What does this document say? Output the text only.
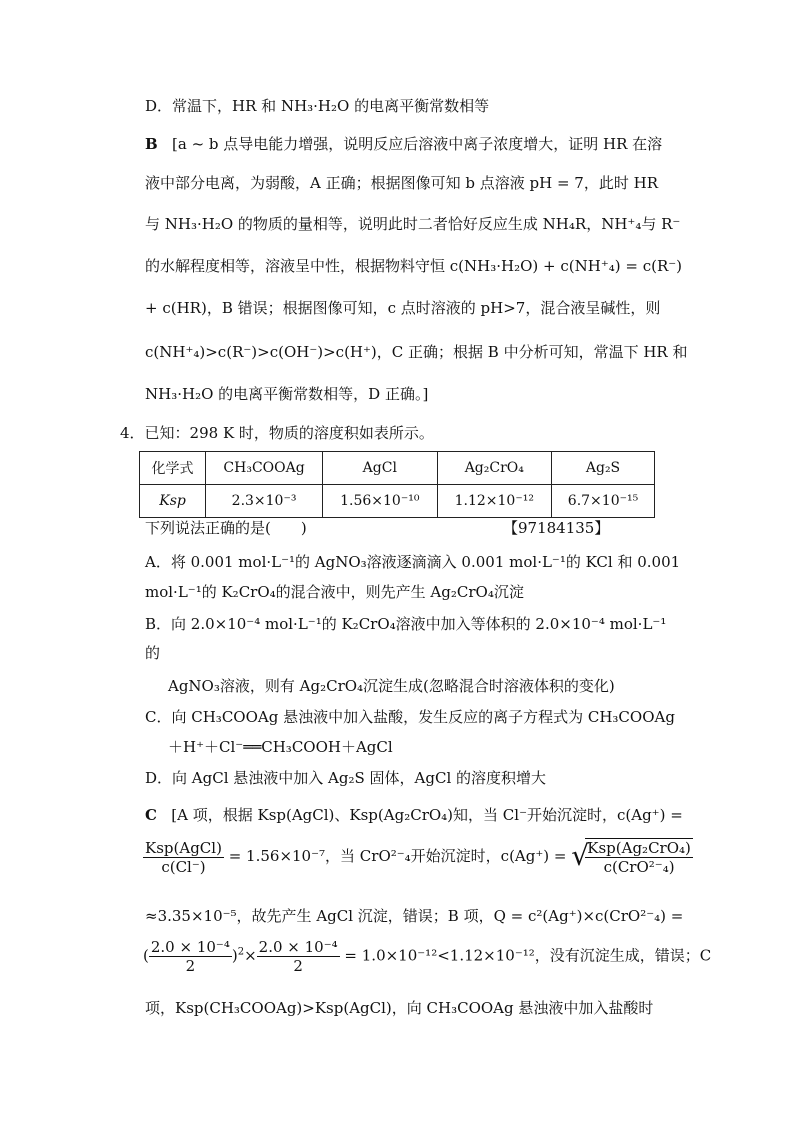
D．常温下，HR 和 NH₃·H₂O 的电离平衡常数相等
B [a ~ b 点导电能力增强，说明反应后溶液中离子浓度增大，证明 HR 在溶
液中部分电离，为弱酸，A 正确；根据图像可知 b 点溶液 pH = 7，此时 HR
与 NH₃·H₂O 的物质的量相等，说明此时二者恰好反应生成 NH₄R，NH⁺₄与 R⁻
的水解程度相等，溶液呈中性，根据物料守恒 c(NH₃·H₂O) + c(NH⁺₄) = c(R⁻)
+ c(HR)，B 错误；根据图像可知，c 点时溶液的 pH>7，混合液呈碱性，则
c(NH⁺₄)>c(R⁻)>c(OH⁻)>c(H⁺)，C 正确；根据 B 中分析可知，常温下 HR 和
NH₃·H₂O 的电离平衡常数相等，D 正确。]
4．已知：298 K 时，物质的溶度积如表所示。
化学式	CH₃COOAg	AgCl	Ag₂CrO₄	Ag₂S
Ksp	2.3×10⁻³	1.56×10⁻¹⁰	1.12×10⁻¹²	6.7×10⁻¹⁵
下列说法正确的是(　　)	【97184135】
A．将 0.001 mol·L⁻¹的 AgNO₃溶液逐滴滴入 0.001 mol·L⁻¹的 KCl 和 0.001
mol·L⁻¹的 K₂CrO₄的混合液中，则先产生 Ag₂CrO₄沉淀
B．向 2.0×10⁻⁴ mol·L⁻¹的 K₂CrO₄溶液中加入等体积的 2.0×10⁻⁴ mol·L⁻¹
的
AgNO₃溶液，则有 Ag₂CrO₄沉淀生成(忽略混合时溶液体积的变化)
C．向 CH₃COOAg 悬浊液中加入盐酸，发生反应的离子方程式为 CH₃COOAg
＋H⁺＋Cl⁻══CH₃COOH＋AgCl
D．向 AgCl 悬浊液中加入 Ag₂S 固体，AgCl 的溶度积增大
C [A 项，根据 Ksp(AgCl)、Ksp(Ag₂CrO₄)知，当 Cl⁻开始沉淀时，c(Ag⁺) =
$\frac{\text{Ksp(AgCl)}}{c(Cl^-)} = 1.56\times 10^{-7}$，当 CrO²⁻₄开始沉淀时，c(Ag⁺) = √
$\frac{\text{Ksp(Ag₂CrO₄)}}{\text{c(CrO²⁻₄)}}$
≈3.35×10⁻⁵，故先产生 AgCl 沉淀，错误；B 项，Q = c²(Ag⁺)×c(CrO²⁻₄) =
( $\frac{\text{2.0 × 10⁻⁴}}{2} )^2\times \frac{\text{2.0 × 10⁻⁴}}{2} = 1.0\times 10^{-12}<1.12\times 10^{-12}$，没有沉淀生成，错误；C
项，Ksp(CH₃COOAg)>Ksp(AgCl)，向 CH₃COOAg 悬浊液中加入盐酸时
